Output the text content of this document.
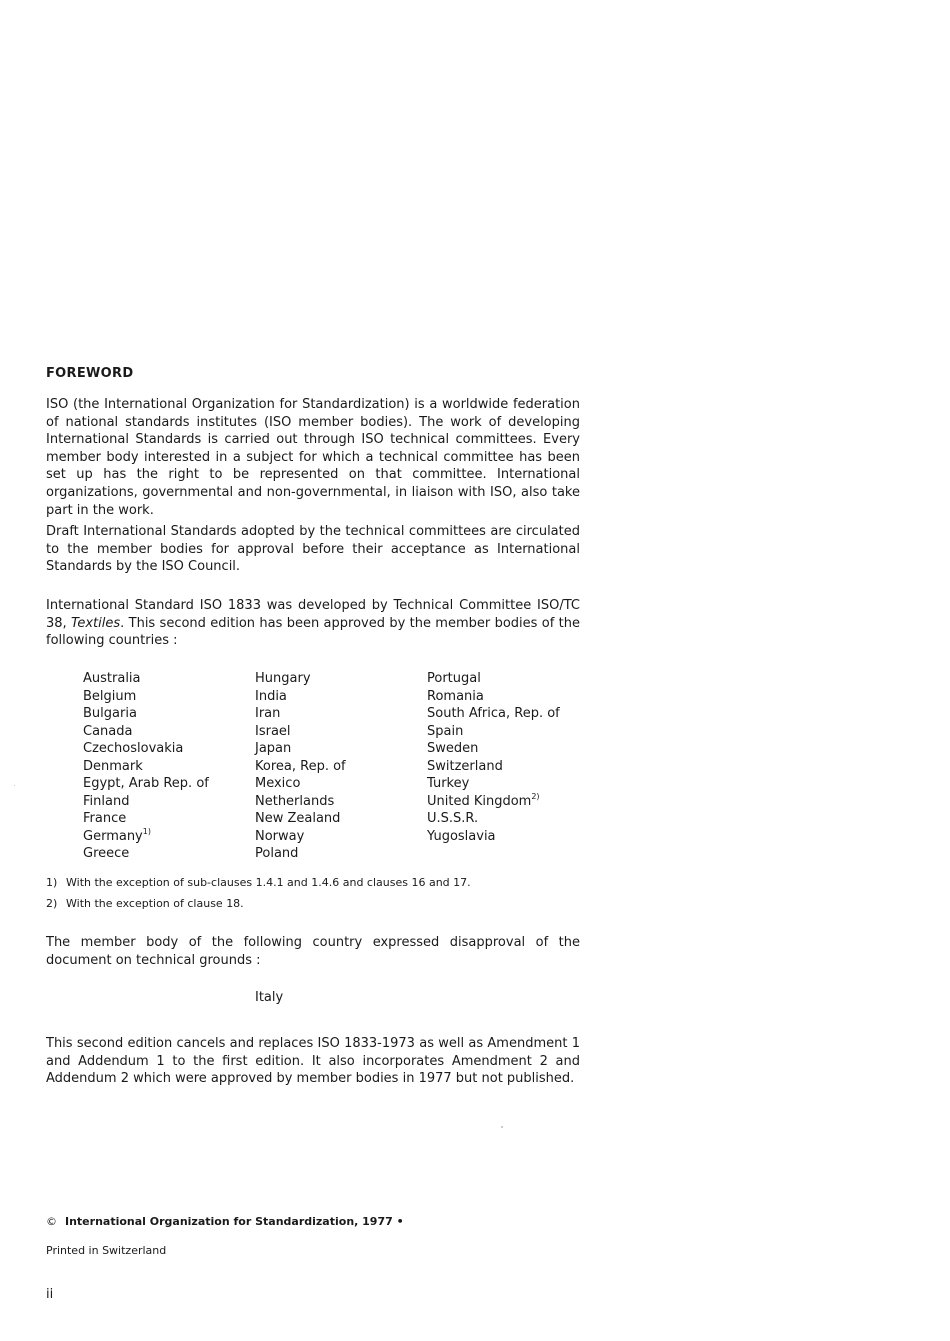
FOREWORD
ISO (the International Organization for Standardization) is a worldwide federation of national standards institutes (ISO member bodies). The work of developing International Standards is carried out through ISO technical committees. Every member body interested in a subject for which a technical committee has been set up has the right to be represented on that committee. International organizations, governmental and non-governmental, in liaison with ISO, also take part in the work.
Draft International Standards adopted by the technical committees are circulated to the member bodies for approval before their acceptance as International Standards by the ISO Council.
International Standard ISO 1833 was developed by Technical Committee ISO/TC 38, Textiles. This second edition has been approved by the member bodies of the following countries :
Australia
Belgium
Bulgaria
Canada
Czechoslovakia
Denmark
Egypt, Arab Rep. of
Finland
France
Germany$^{1)}$
Greece
Hungary
India
Iran
Israel
Japan
Korea, Rep. of
Mexico
Netherlands
New Zealand
Norway
Poland
Portugal
Romania
South Africa, Rep. of
Spain
Sweden
Switzerland
Turkey
United Kingdom$^{2)}$
U.S.S.R.
Yugoslavia
1) With the exception of sub-clauses 1.4.1 and 1.4.6 and clauses 16 and 17.
2) With the exception of clause 18.
The member body of the following country expressed disapproval of the document on technical grounds :
Italy
This second edition cancels and replaces ISO 1833-1973 as well as Amendment 1 and Addendum 1 to the first edition. It also incorporates Amendment 2 and Addendum 2 which were approved by member bodies in 1977 but not published.
© International Organization for Standardization, 1977 •
Printed in Switzerland
ii
